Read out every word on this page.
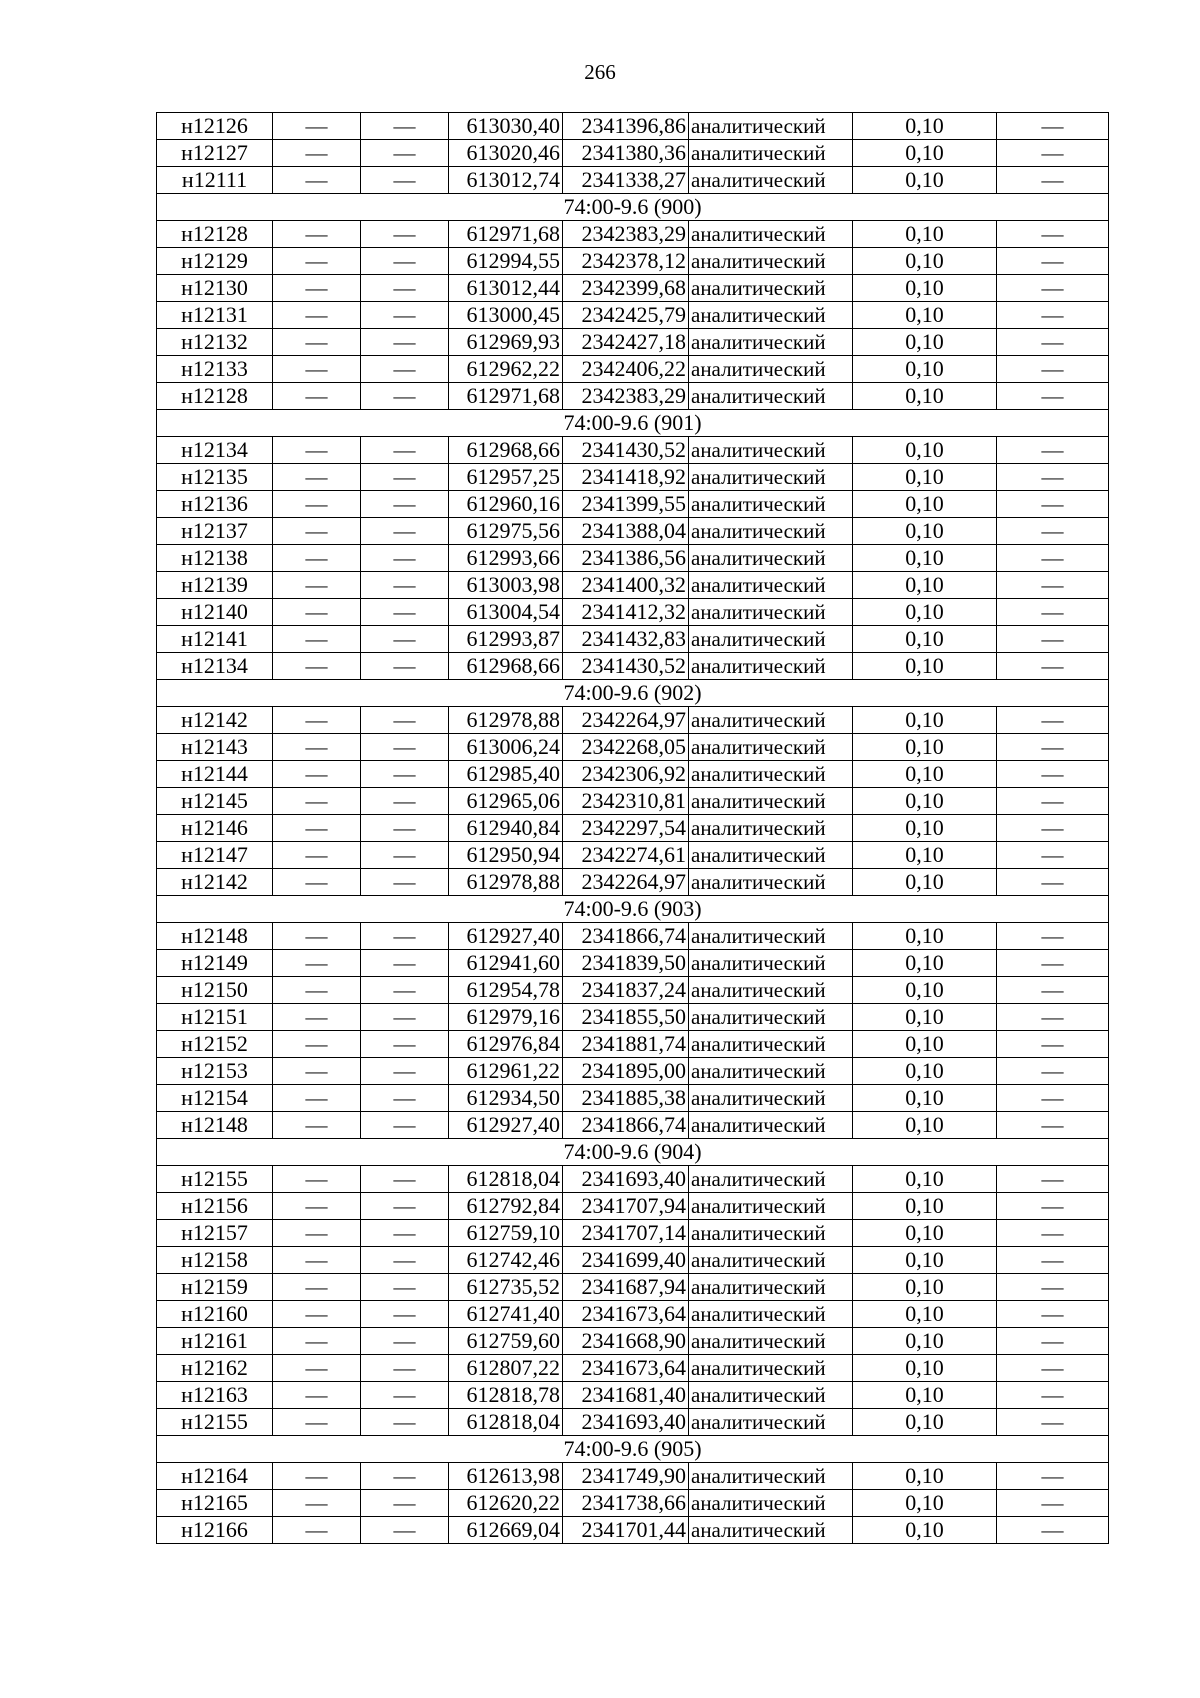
266
н12126	—	—	613030,40	2341396,86	аналитический	0,10	—
н12127	—	—	613020,46	2341380,36	аналитический	0,10	—
н12111	—	—	613012,74	2341338,27	аналитический	0,10	—
74:00-9.6 (900)							
н12128	—	—	612971,68	2342383,29	аналитический	0,10	—
н12129	—	—	612994,55	2342378,12	аналитический	0,10	—
н12130	—	—	613012,44	2342399,68	аналитический	0,10	—
н12131	—	—	613000,45	2342425,79	аналитический	0,10	—
н12132	—	—	612969,93	2342427,18	аналитический	0,10	—
н12133	—	—	612962,22	2342406,22	аналитический	0,10	—
н12128	—	—	612971,68	2342383,29	аналитический	0,10	—
74:00-9.6 (901)							
н12134	—	—	612968,66	2341430,52	аналитический	0,10	—
н12135	—	—	612957,25	2341418,92	аналитический	0,10	—
н12136	—	—	612960,16	2341399,55	аналитический	0,10	—
н12137	—	—	612975,56	2341388,04	аналитический	0,10	—
н12138	—	—	612993,66	2341386,56	аналитический	0,10	—
н12139	—	—	613003,98	2341400,32	аналитический	0,10	—
н12140	—	—	613004,54	2341412,32	аналитический	0,10	—
н12141	—	—	612993,87	2341432,83	аналитический	0,10	—
н12134	—	—	612968,66	2341430,52	аналитический	0,10	—
74:00-9.6 (902)							
н12142	—	—	612978,88	2342264,97	аналитический	0,10	—
н12143	—	—	613006,24	2342268,05	аналитический	0,10	—
н12144	—	—	612985,40	2342306,92	аналитический	0,10	—
н12145	—	—	612965,06	2342310,81	аналитический	0,10	—
н12146	—	—	612940,84	2342297,54	аналитический	0,10	—
н12147	—	—	612950,94	2342274,61	аналитический	0,10	—
н12142	—	—	612978,88	2342264,97	аналитический	0,10	—
74:00-9.6 (903)							
н12148	—	—	612927,40	2341866,74	аналитический	0,10	—
н12149	—	—	612941,60	2341839,50	аналитический	0,10	—
н12150	—	—	612954,78	2341837,24	аналитический	0,10	—
н12151	—	—	612979,16	2341855,50	аналитический	0,10	—
н12152	—	—	612976,84	2341881,74	аналитический	0,10	—
н12153	—	—	612961,22	2341895,00	аналитический	0,10	—
н12154	—	—	612934,50	2341885,38	аналитический	0,10	—
н12148	—	—	612927,40	2341866,74	аналитический	0,10	—
74:00-9.6 (904)							
н12155	—	—	612818,04	2341693,40	аналитический	0,10	—
н12156	—	—	612792,84	2341707,94	аналитический	0,10	—
н12157	—	—	612759,10	2341707,14	аналитический	0,10	—
н12158	—	—	612742,46	2341699,40	аналитический	0,10	—
н12159	—	—	612735,52	2341687,94	аналитический	0,10	—
н12160	—	—	612741,40	2341673,64	аналитический	0,10	—
н12161	—	—	612759,60	2341668,90	аналитический	0,10	—
н12162	—	—	612807,22	2341673,64	аналитический	0,10	—
н12163	—	—	612818,78	2341681,40	аналитический	0,10	—
н12155	—	—	612818,04	2341693,40	аналитический	0,10	—
74:00-9.6 (905)							
н12164	—	—	612613,98	2341749,90	аналитический	0,10	—
н12165	—	—	612620,22	2341738,66	аналитический	0,10	—
н12166	—	—	612669,04	2341701,44	аналитический	0,10	—
